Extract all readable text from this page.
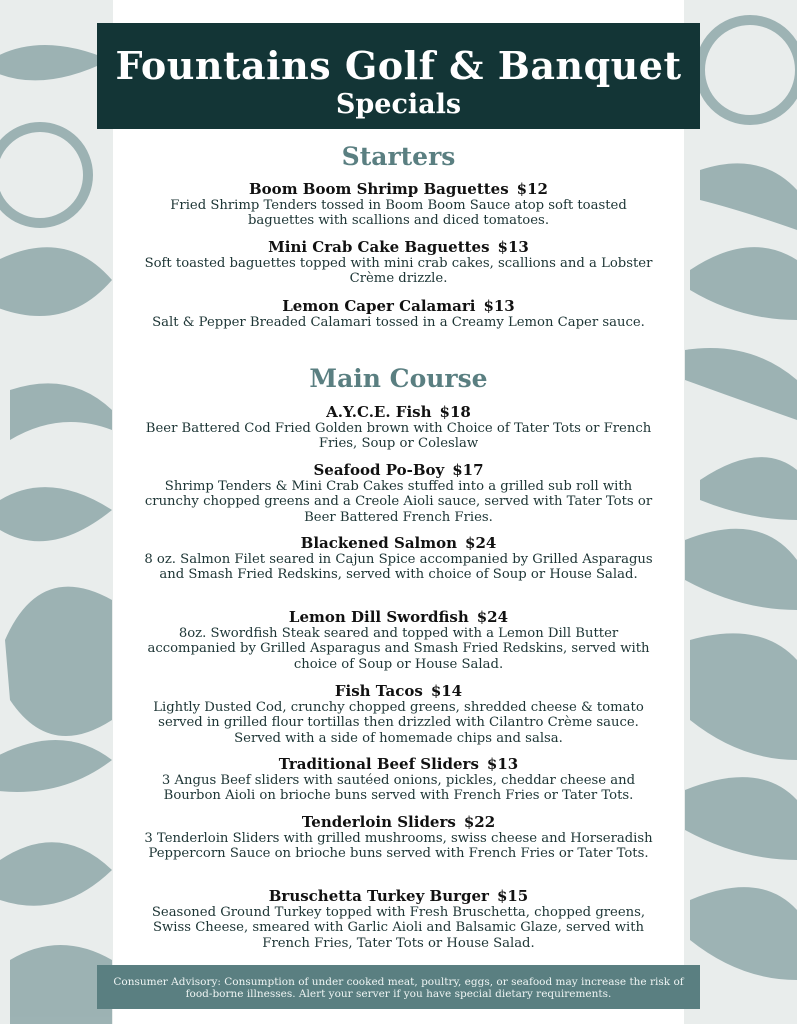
Fountains Golf & Banquet
Specials
Starters
Boom Boom Shrimp Baguettes $12
Fried Shrimp Tenders tossed in Boom Boom Sauce atop soft toasted baguettes with scallions and diced tomatoes.
Mini Crab Cake Baguettes $13
Soft toasted baguettes topped with mini crab cakes, scallions and a Lobster Crème drizzle.
Lemon Caper Calamari $13
Salt & Pepper Breaded Calamari tossed in a Creamy Lemon Caper sauce.
Main Course
A.Y.C.E. Fish $18
Beer Battered Cod Fried Golden brown with Choice of Tater Tots or French Fries, Soup or Coleslaw
Seafood Po-Boy $17
Shrimp Tenders & Mini Crab Cakes stuffed into a grilled sub roll with crunchy chopped greens and a Creole Aioli sauce, served with Tater Tots or Beer Battered French Fries.
Blackened Salmon $24
8 oz. Salmon Filet seared in Cajun Spice accompanied by Grilled Asparagus and Smash Fried Redskins, served with choice of Soup or House Salad.
Lemon Dill Swordfish $24
8oz. Swordfish Steak seared and topped with a Lemon Dill Butter accompanied by Grilled Asparagus and Smash Fried Redskins, served with choice of Soup or House Salad.
Fish Tacos $14
Lightly Dusted Cod, crunchy chopped greens, shredded cheese & tomato served in grilled flour tortillas then drizzled with Cilantro Crème sauce. Served with a side of homemade chips and salsa.
Traditional Beef Sliders $13
3 Angus Beef sliders with sautéed onions, pickles, cheddar cheese and Bourbon Aioli on brioche buns served with French Fries or Tater Tots.
Tenderloin Sliders $22
3 Tenderloin Sliders with grilled mushrooms, swiss cheese and Horseradish Peppercorn Sauce on brioche buns served with French Fries or Tater Tots.
Bruschetta Turkey Burger $15
Seasoned Ground Turkey topped with Fresh Bruschetta, chopped greens, Swiss Cheese, smeared with Garlic Aioli and Balsamic Glaze, served with French Fries, Tater Tots or House Salad.
Consumer Advisory: Consumption of under cooked meat, poultry, eggs, or seafood may increase the risk of food-borne illnesses. Alert your server if you have special dietary requirements.
